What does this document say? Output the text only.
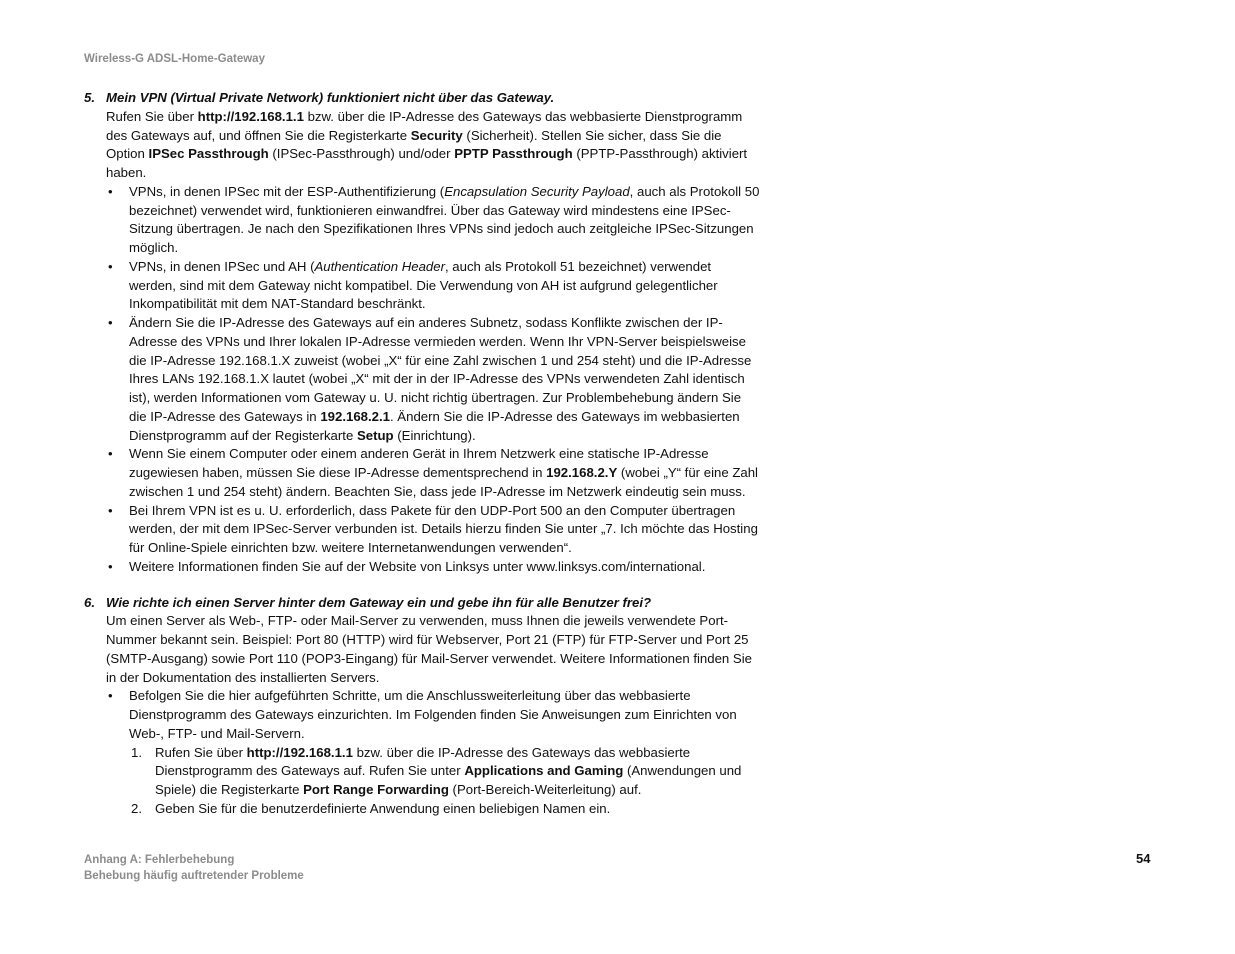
Wireless-G ADSL-Home-Gateway
5. Mein VPN (Virtual Private Network) funktioniert nicht über das Gateway.

Rufen Sie über http://192.168.1.1 bzw. über die IP-Adresse des Gateways das webbasierte Dienstprogramm des Gateways auf, und öffnen Sie die Registerkarte Security (Sicherheit). Stellen Sie sicher, dass Sie die Option IPSec Passthrough (IPSec-Passthrough) und/oder PPTP Passthrough (PPTP-Passthrough) aktiviert haben.

• VPNs, in denen IPSec mit der ESP-Authentifizierung (Encapsulation Security Payload, auch als Protokoll 50 bezeichnet) verwendet wird, funktionieren einwandfrei. Über das Gateway wird mindestens eine IPSec-Sitzung übertragen. Je nach den Spezifikationen Ihres VPNs sind jedoch auch zeitgleiche IPSec-Sitzungen möglich.
• VPNs, in denen IPSec und AH (Authentication Header, auch als Protokoll 51 bezeichnet) verwendet werden, sind mit dem Gateway nicht kompatibel. Die Verwendung von AH ist aufgrund gelegentlicher Inkompatibilität mit dem NAT-Standard beschränkt.
• Ändern Sie die IP-Adresse des Gateways auf ein anderes Subnetz, sodass Konflikte zwischen der IP-Adresse des VPNs und Ihrer lokalen IP-Adresse vermieden werden. Wenn Ihr VPN-Server beispielsweise die IP-Adresse 192.168.1.X zuweist (wobei „X“ für eine Zahl zwischen 1 und 254 steht) und die IP-Adresse Ihres LANs 192.168.1.X lautet (wobei „X“ mit der in der IP-Adresse des VPNs verwendeten Zahl identisch ist), werden Informationen vom Gateway u. U. nicht richtig übertragen. Zur Problembehebung ändern Sie die IP-Adresse des Gateways in 192.168.2.1. Ändern Sie die IP-Adresse des Gateways im webbasierten Dienstprogramm auf der Registerkarte Setup (Einrichtung).
• Wenn Sie einem Computer oder einem anderen Gerät in Ihrem Netzwerk eine statische IP-Adresse zugewiesen haben, müssen Sie diese IP-Adresse dementsprechend in 192.168.2.Y (wobei „Y“ für eine Zahl zwischen 1 und 254 steht) ändern. Beachten Sie, dass jede IP-Adresse im Netzwerk eindeutig sein muss.
• Bei Ihrem VPN ist es u. U. erforderlich, dass Pakete für den UDP-Port 500 an den Computer übertragen werden, der mit dem IPSec-Server verbunden ist. Details hierzu finden Sie unter „7. Ich möchte das Hosting für Online-Spiele einrichten bzw. weitere Internetanwendungen verwenden“.
• Weitere Informationen finden Sie auf der Website von Linksys unter www.linksys.com/international.
6. Wie richte ich einen Server hinter dem Gateway ein und gebe ihn für alle Benutzer frei?

Um einen Server als Web-, FTP- oder Mail-Server zu verwenden, muss Ihnen die jeweils verwendete Port-Nummer bekannt sein. Beispiel: Port 80 (HTTP) wird für Webserver, Port 21 (FTP) für FTP-Server und Port 25 (SMTP-Ausgang) sowie Port 110 (POP3-Eingang) für Mail-Server verwendet. Weitere Informationen finden Sie in der Dokumentation des installierten Servers.

• Befolgen Sie die hier aufgeführten Schritte, um die Anschlussweiterleitung über das webbasierte Dienstprogramm des Gateways einzurichten. Im Folgenden finden Sie Anweisungen zum Einrichten von Web-, FTP- und Mail-Servern.
1. Rufen Sie über http://192.168.1.1 bzw. über die IP-Adresse des Gateways das webbasierte Dienstprogramm des Gateways auf. Rufen Sie unter Applications and Gaming (Anwendungen und Spiele) die Registerkarte Port Range Forwarding (Port-Bereich-Weiterleitung) auf.
2. Geben Sie für die benutzerdefinierte Anwendung einen beliebigen Namen ein.
Anhang A: Fehlerbehebung
Behebung häufig auftretender Probleme
54
